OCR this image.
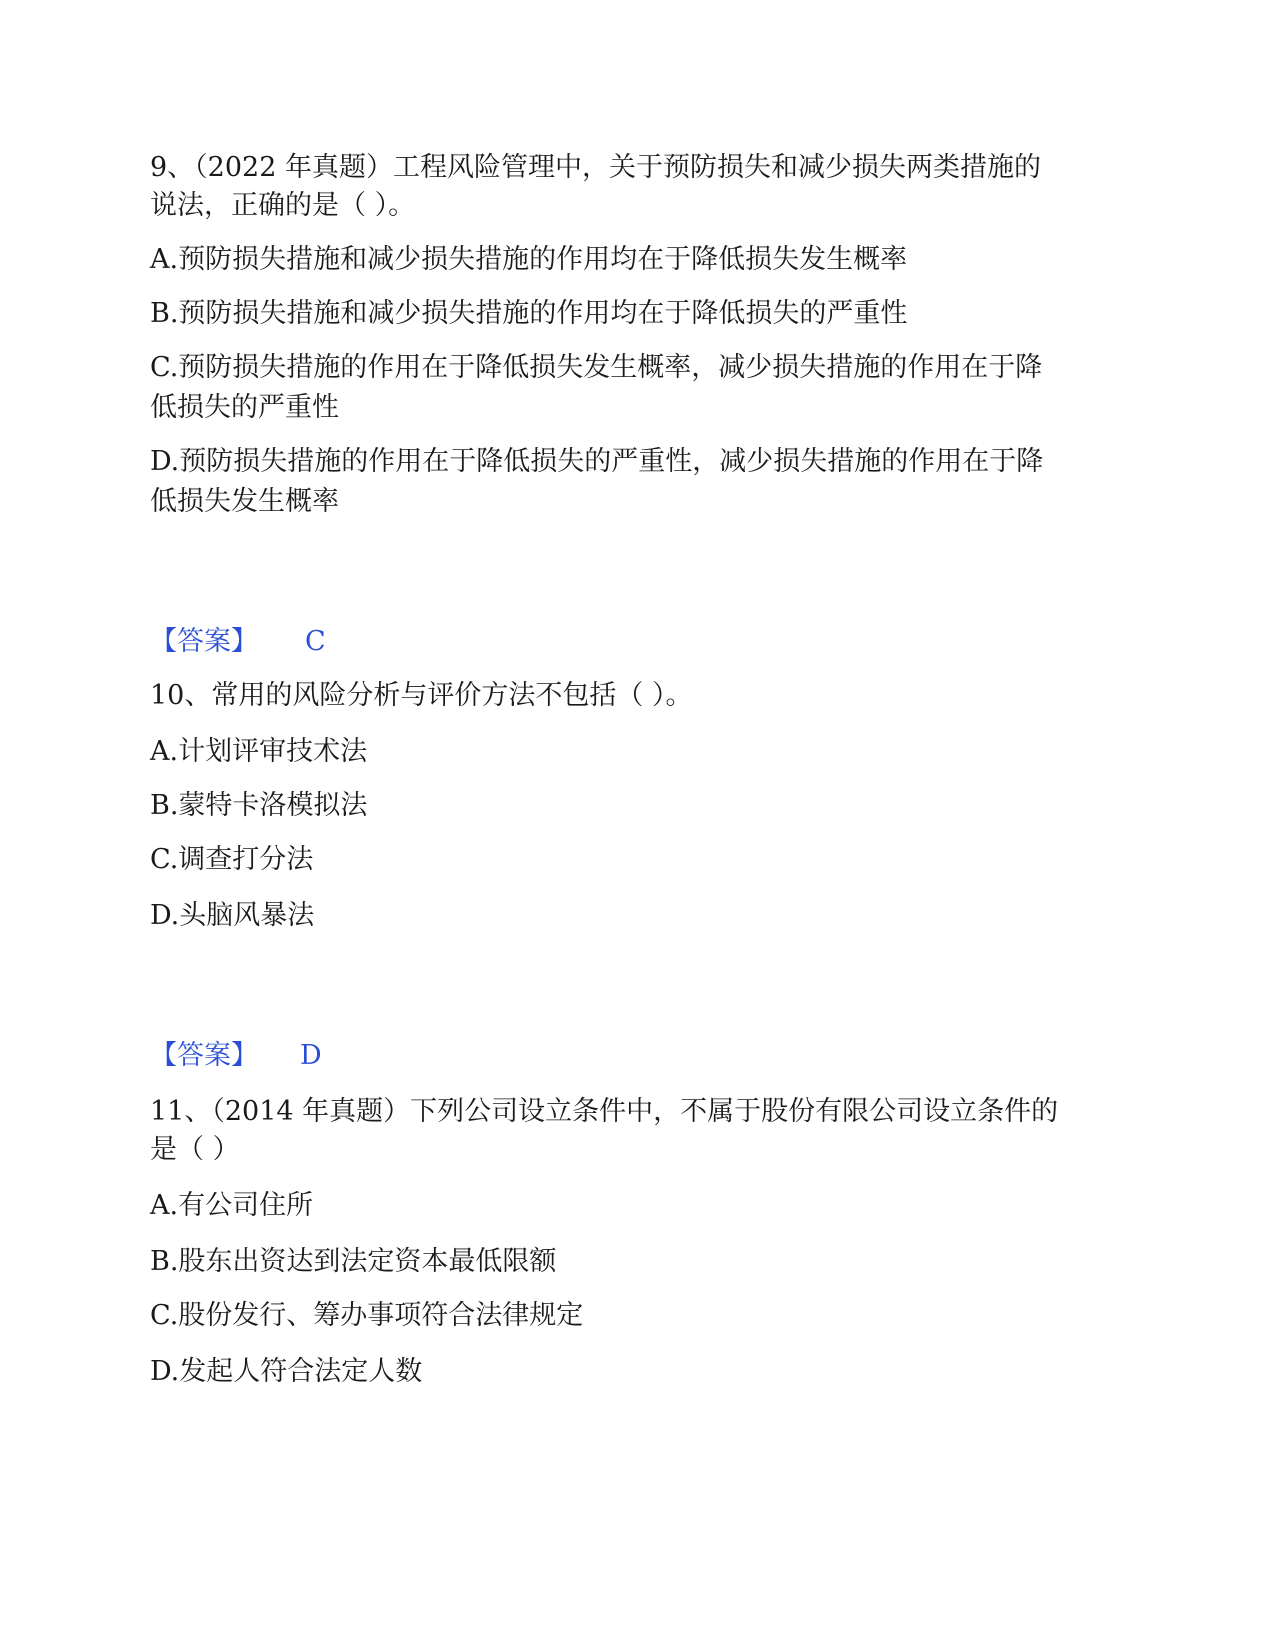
9、（2022 年真题）工程风险管理中，关于预防损失和减少损失两类措施的
说法，正确的是（ ）。
A.预防损失措施和减少损失措施的作用均在于降低损失发生概率
B.预防损失措施和减少损失措施的作用均在于降低损失的严重性
C.预防损失措施的作用在于降低损失发生概率，减少损失措施的作用在于降
低损失的严重性
D.预防损失措施的作用在于降低损失的严重性，减少损失措施的作用在于降
低损失发生概率
【答案】 C
10、常用的风险分析与评价方法不包括（ ）。
A.计划评审技术法
B.蒙特卡洛模拟法
C.调查打分法
D.头脑风暴法
【答案】 D
11、（2014 年真题）下列公司设立条件中，不属于股份有限公司设立条件的
是（ ）
A.有公司住所
B.股东出资达到法定资本最低限额
C.股份发行、筹办事项符合法律规定
D.发起人符合法定人数
